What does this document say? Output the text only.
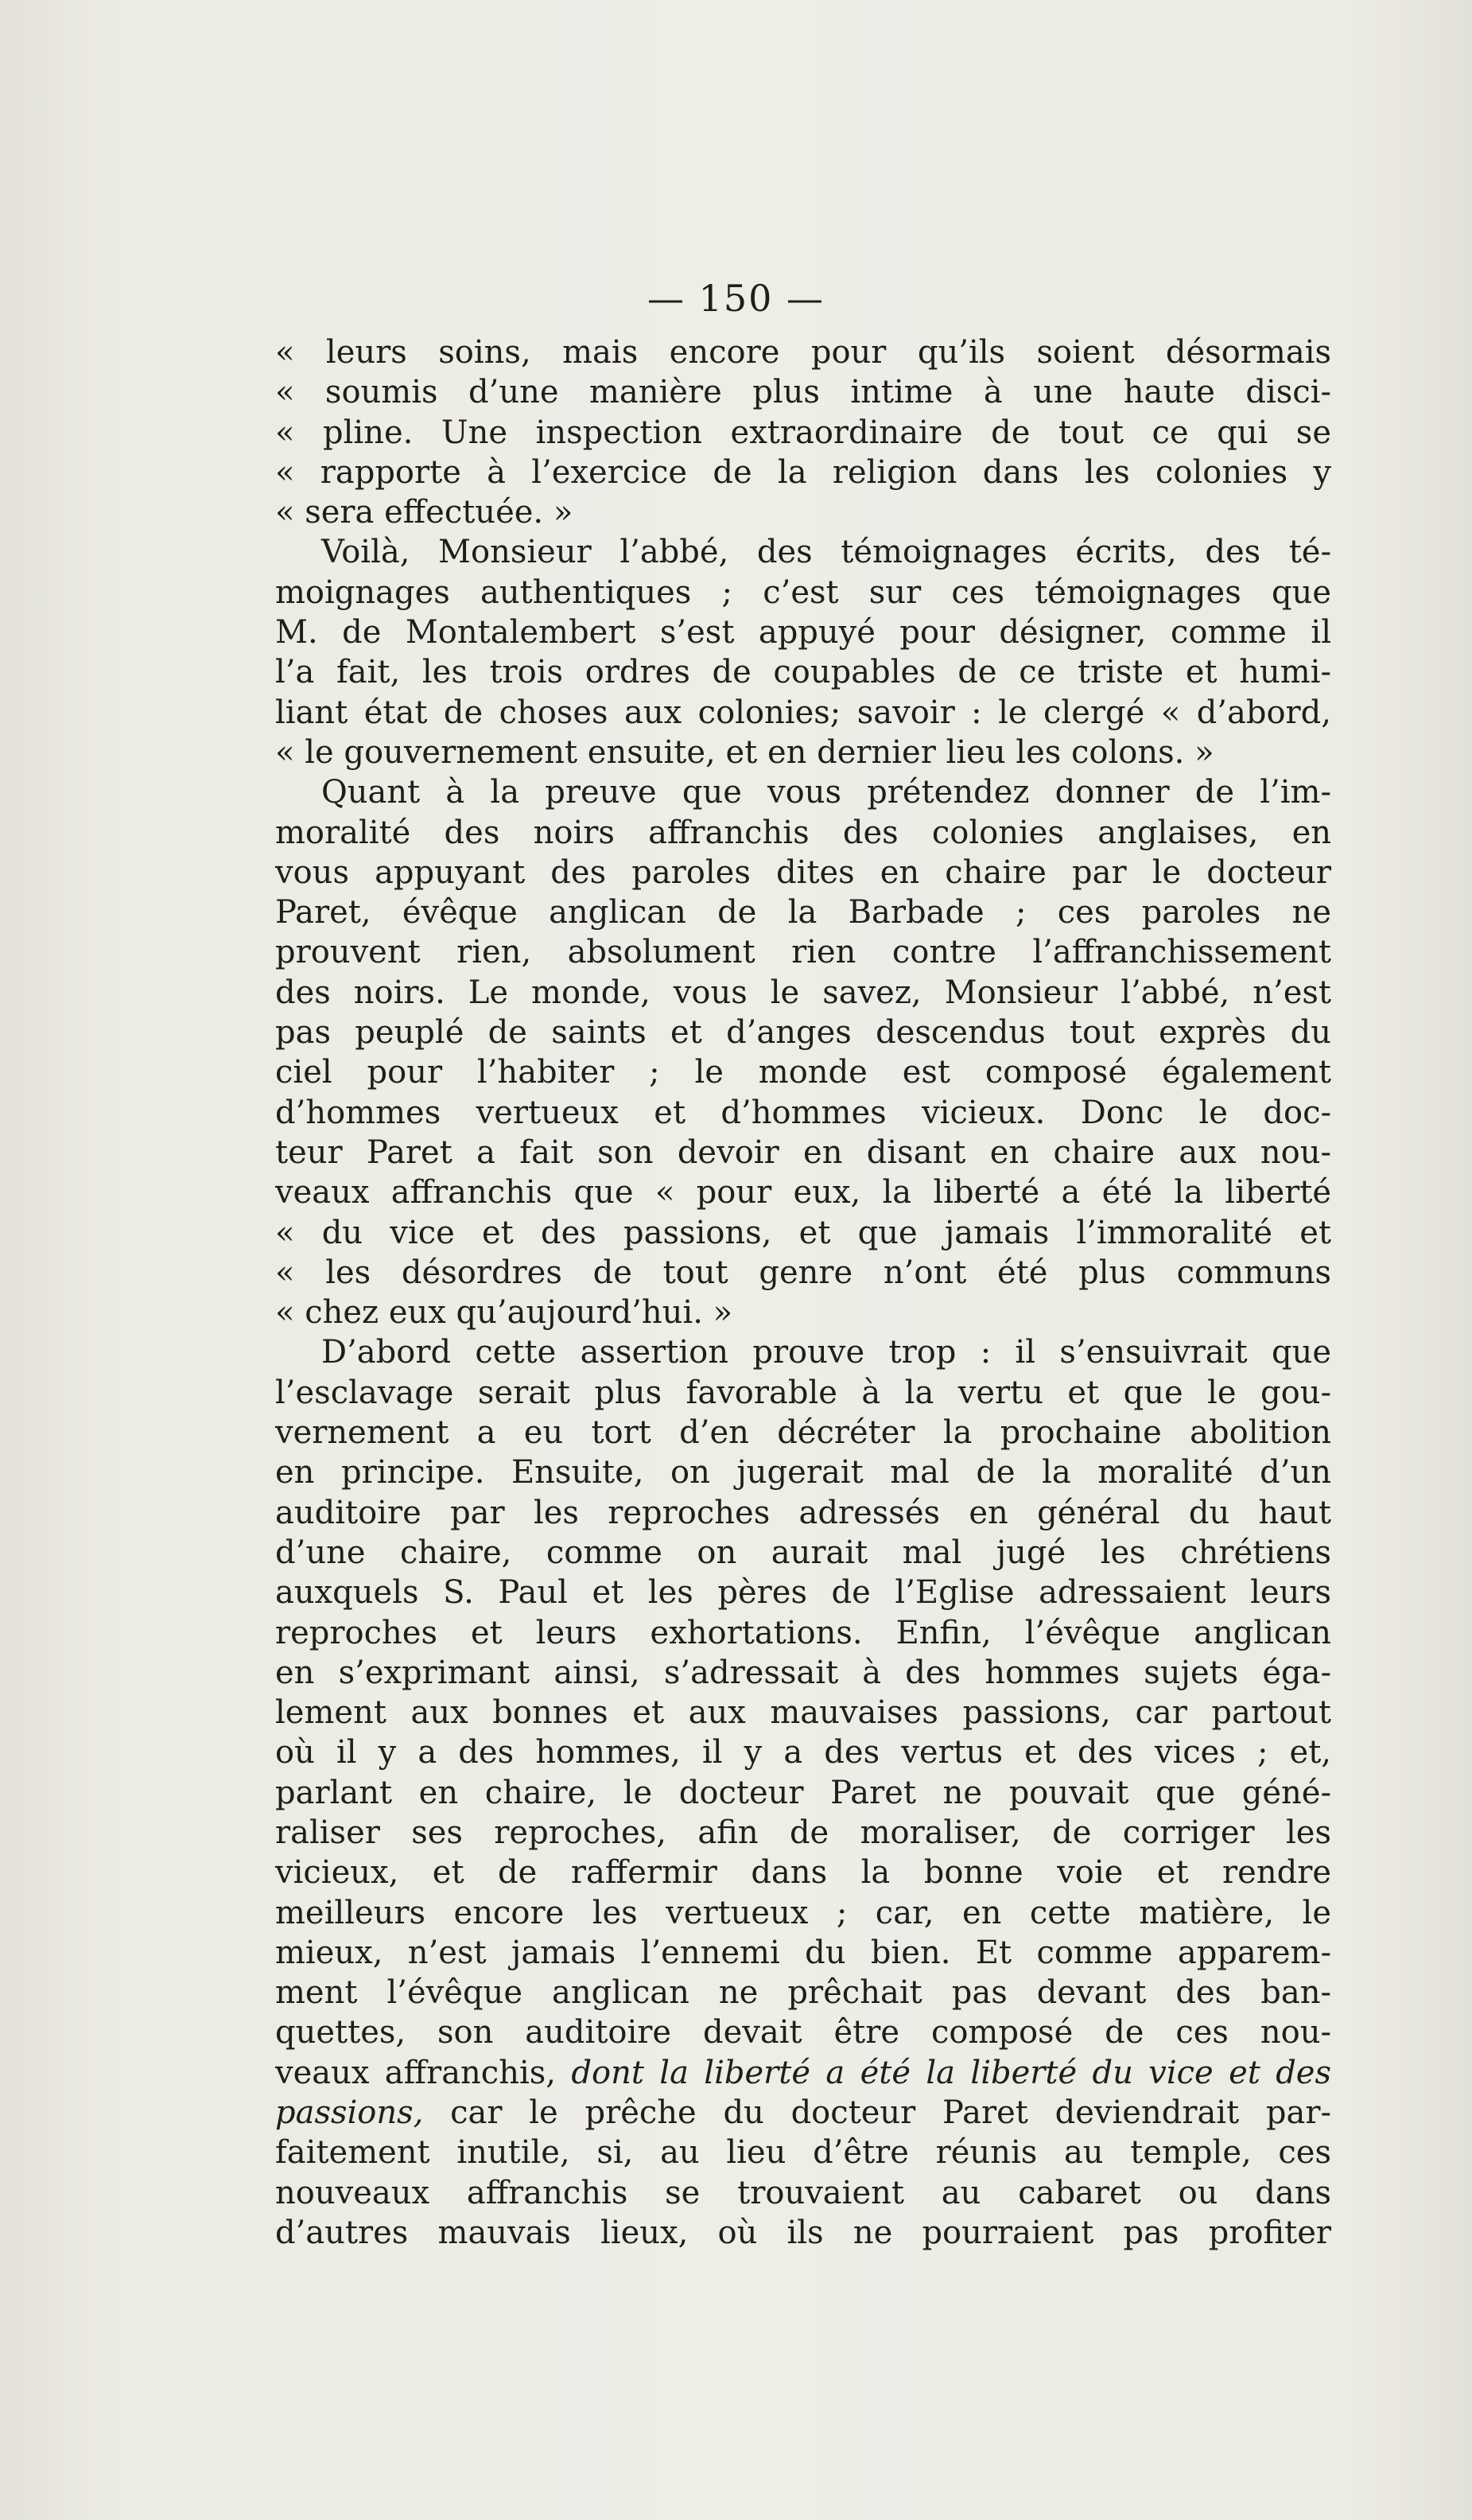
— 150 —
« leurs soins, mais encore pour qu’ils soient désormais
« soumis d’une manière plus intime à une haute disci-
« pline. Une inspection extraordinaire de tout ce qui se
« rapporte à l’exercice de la religion dans les colonies y
« sera effectuée. »
Voilà, Monsieur l’abbé, des témoignages écrits, des té-
moignages authentiques ; c’est sur ces témoignages que
M. de Montalembert s’est appuyé pour désigner, comme il
l’a fait, les trois ordres de coupables de ce triste et humi-
liant état de choses aux colonies; savoir : le clergé « d’abord,
« le gouvernement ensuite, et en dernier lieu les colons. »
Quant à la preuve que vous prétendez donner de l’im-
moralité des noirs affranchis des colonies anglaises, en
vous appuyant des paroles dites en chaire par le docteur
Paret, évêque anglican de la Barbade ; ces paroles ne
prouvent rien, absolument rien contre l’affranchissement
des noirs. Le monde, vous le savez, Monsieur l’abbé, n’est
pas peuplé de saints et d’anges descendus tout exprès du
ciel pour l’habiter ; le monde est composé également
d’hommes vertueux et d’hommes vicieux. Donc le doc-
teur Paret a fait son devoir en disant en chaire aux nou-
veaux affranchis que « pour eux, la liberté a été la liberté
« du vice et des passions, et que jamais l’immoralité et
« les désordres de tout genre n’ont été plus communs
« chez eux qu’aujourd’hui. »
D’abord cette assertion prouve trop : il s’ensuivrait que
l’esclavage serait plus favorable à la vertu et que le gou-
vernement a eu tort d’en décréter la prochaine abolition
en principe. Ensuite, on jugerait mal de la moralité d’un
auditoire par les reproches adressés en général du haut
d’une chaire, comme on aurait mal jugé les chrétiens
auxquels S. Paul et les pères de l’Eglise adressaient leurs
reproches et leurs exhortations. Enfin, l’évêque anglican
en s’exprimant ainsi, s’adressait à des hommes sujets éga-
lement aux bonnes et aux mauvaises passions, car partout
où il y a des hommes, il y a des vertus et des vices ; et,
parlant en chaire, le docteur Paret ne pouvait que géné-
raliser ses reproches, afin de moraliser, de corriger les
vicieux, et de raffermir dans la bonne voie et rendre
meilleurs encore les vertueux ; car, en cette matière, le
mieux, n’est jamais l’ennemi du bien. Et comme apparem-
ment l’évêque anglican ne prêchait pas devant des ban-
quettes, son auditoire devait être composé de ces nou-
veaux affranchis, dont la liberté a été la liberté du vice et des
passions, car le prêche du docteur Paret deviendrait par-
faitement inutile, si, au lieu d’être réunis au temple, ces
nouveaux affranchis se trouvaient au cabaret ou dans
d’autres mauvais lieux, où ils ne pourraient pas profiter
